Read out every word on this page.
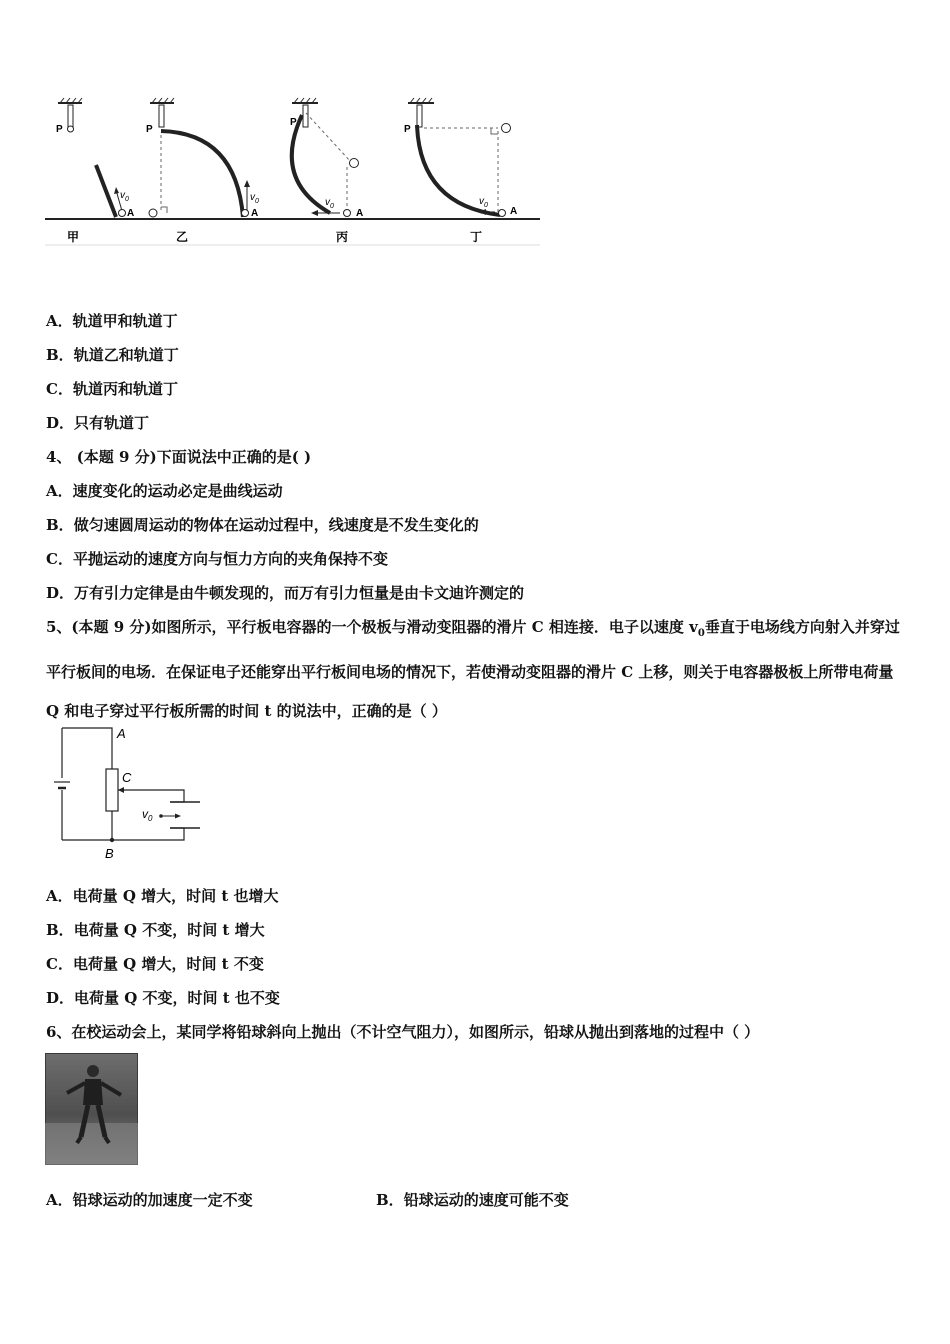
P
$v_0$
A
甲
P
$v_0$
A
乙
P
$v_0$
A
丙
P
$v_0$
A
丁
A．轨道甲和轨道丁
B．轨道乙和轨道丁
C．轨道丙和轨道丁
D．只有轨道丁
4、 (本题 9 分)下面说法中正确的是( )
A．速度变化的运动必定是曲线运动
B．做匀速圆周运动的物体在运动过程中，线速度是不发生变化的
C．平抛运动的速度方向与恒力方向的夹角保持不变
D．万有引力定律是由牛顿发现的，而万有引力恒量是由卡文迪许测定的
5、(本题 9 分)如图所示，平行板电容器的一个极板与滑动变阻器的滑片 C 相连接．电子以速度 $v_0$垂直于电场线方向射入并穿过平行板间的电场．在保证电子还能穿出平行板间电场的情况下，若使滑动变阻器的滑片 C 上移，则关于电容器极板上所带电荷量 Q 和电子穿过平行板所需的时间 t 的说法中，正确的是（ ）
$v_0$
A
C
B
A．电荷量 Q 增大，时间 t 也增大
B．电荷量 Q 不变，时间 t 增大
C．电荷量 Q 增大，时间 t 不变
D．电荷量 Q 不变，时间 t 也不变
6、在校运动会上，某同学将铅球斜向上抛出（不计空气阻力），如图所示，铅球从抛出到落地的过程中（ ）
A．铅球运动的加速度一定不变	B．铅球运动的速度可能不变
